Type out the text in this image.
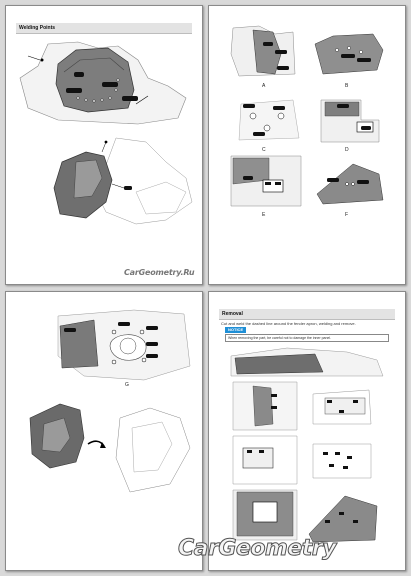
Welding Points
CarGeometry.Ru
A	B
C	D
E	F
G
Removal
Cut and weld the dashed line around the fender apron, welding and remove.
NOTICE
When removing the part, be careful not to damage the inner panel.
CarGeometry
